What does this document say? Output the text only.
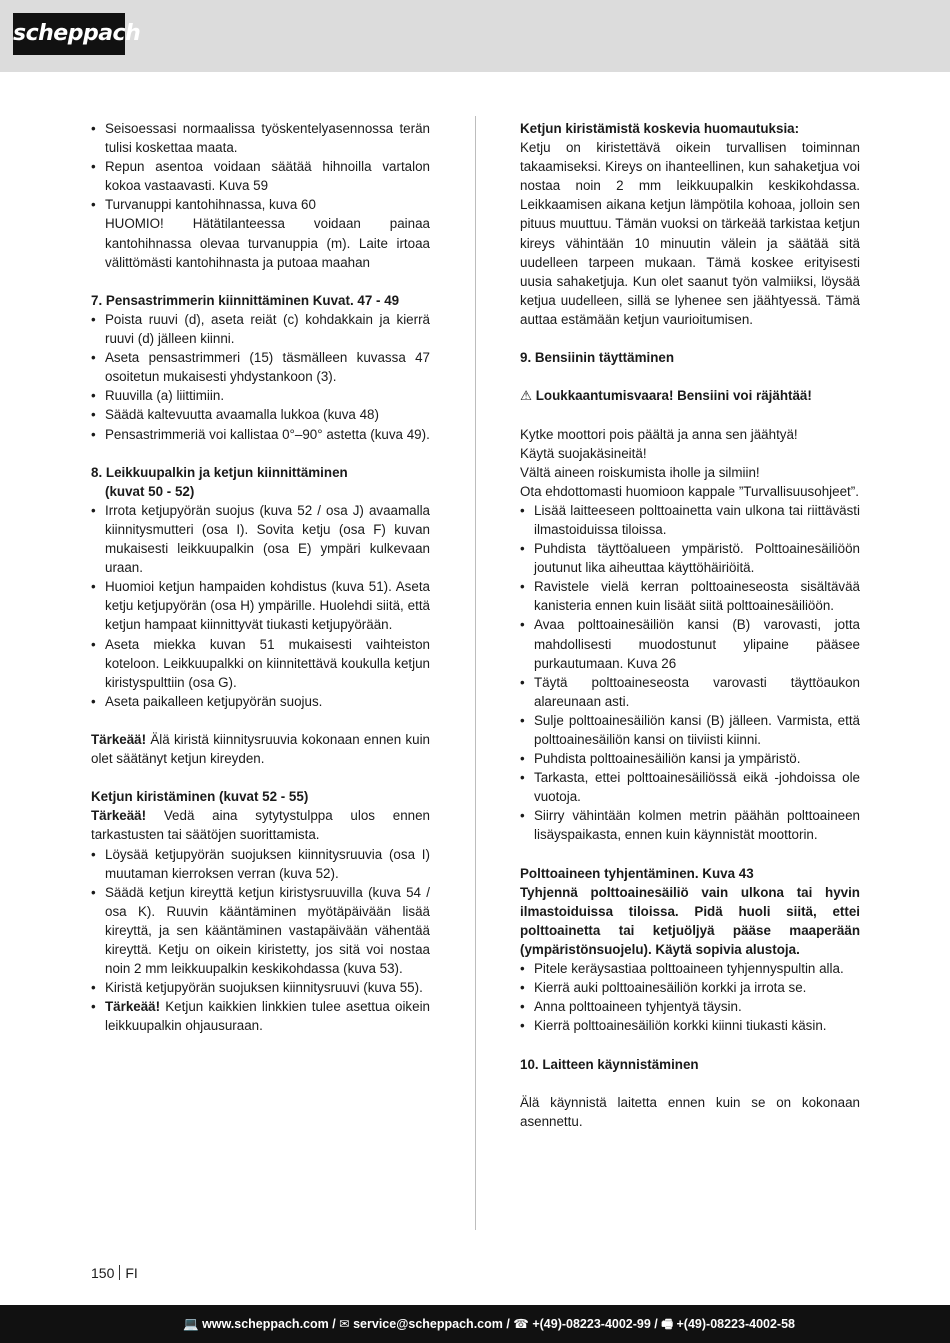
scheppach
• Seisoessasi normaalissa työskentelyasennossa terän tulisi koskettaa maata.
• Repun asentoa voidaan säätää hihnoilla vartalon kokoa vastaavasti. Kuva 59
• Turvanuppi kantohihnassa, kuva 60
HUOMIO! Hätätilanteessa voidaan painaa kantohihnassa olevaa turvanuppia (m). Laite irtoaa välittömästi kantohihnasta ja putoaa maahan

7. Pensastrimmerin kiinnittäminen Kuvat. 47 - 49

• Poista ruuvi (d), aseta reiät (c) kohdakkain ja kierrä ruuvi (d) jälleen kiinni.
• Aseta pensastrimmeri (15) täsmälleen kuvassa 47 osoitetun mukaisesti yhdystankoon (3).
• Ruuvilla (a) liittimiin.
• Säädä kaltevuutta avaamalla lukkoa (kuva 48)
• Pensastrimmeriä voi kallistaa 0°–90° astetta (kuva 49).

8. Leikkuupalkin ja ketjun kiinnittäminen

(kuvat 50 - 52)

• Irrota ketjupyörän suojus (kuva 52 / osa J) avaamalla kiinnitysmutteri (osa I). Sovita ketju (osa F) kuvan mukaisesti leikkuupalkin (osa E) ympäri kulkevaan uraan.
• Huomioi ketjun hampaiden kohdistus (kuva 51). Aseta ketju ketjupyörän (osa H) ympärille. Huolehdi siitä, että ketjun hampaat kiinnittyvät tiukasti ketjupyörään.
• Aseta miekka kuvan 51 mukaisesti vaihteiston koteloon. Leikkuupalkki on kiinnitettävä koukulla ketjun kiristyspulttiin (osa G).
• Aseta paikalleen ketjupyörän suojus.

Tärkeää! Älä kiristä kiinnitysruuvia kokonaan ennen kuin olet säätänyt ketjun kireyden.

Ketjun kiristäminen (kuvat 52 - 55)

Tärkeää! Vedä aina sytytystulppa ulos ennen tarkastusten tai säätöjen suorittamista.

• Löysää ketjupyörän suojuksen kiinnitysruuvia (osa I) muutaman kierroksen verran (kuva 52).
• Säädä ketjun kireyttä ketjun kiristysruuvilla (kuva 54 / osa K). Ruuvin kääntäminen myötäpäivään lisää kireyttä, ja sen kääntäminen vastapäivään vähentää kireyttä. Ketju on oikein kiristetty, jos sitä voi nostaa noin 2 mm leikkuupalkin keskikohdassa (kuva 53).
• Kiristä ketjupyörän suojuksen kiinnitysruuvi (kuva 55).
• Tärkeää! Ketjun kaikkien linkkien tulee asettua oikein leikkuupalkin ohjausuraan.

Ketjun kiristämistä koskevia huomautuksia:

Ketju on kiristettävä oikein turvallisen toiminnan takaamiseksi. Kireys on ihanteellinen, kun sahaketjua voi nostaa noin 2 mm leikkuupalkin keskikohdassa. Leikkaamisen aikana ketjun lämpötila kohoaa, jolloin sen pituus muuttuu. Tämän vuoksi on tärkeää tarkistaa ketjun kireys vähintään 10 minuutin välein ja säätää sitä uudelleen tarpeen mukaan. Tämä koskee erityisesti uusia sahaketjuja. Kun olet saanut työn valmiiksi, löysää ketjua uudelleen, sillä se lyhenee sen jäähtyessä. Tämä auttaa estämään ketjun vaurioitumisen.

9. Bensiinin täyttäminen

⚠ Loukkaantumisvaara! Bensiini voi räjähtää!

Kytke moottori pois päältä ja anna sen jäähtyä!

Käytä suojakäsineitä!

Vältä aineen roiskumista iholle ja silmiin!

Ota ehdottomasti huomioon kappale ”Turvallisuusohjeet”.

• Lisää laitteeseen polttoainetta vain ulkona tai riittävästi ilmastoiduissa tiloissa.
• Puhdista täyttöalueen ympäristö. Polttoainesäiliöön joutunut lika aiheuttaa käyttöhäiriöitä.
• Ravistele vielä kerran polttoaineseosta sisältävää kanisteria ennen kuin lisäät siitä polttoainesäiliöön.
• Avaa polttoainesäiliön kansi (B) varovasti, jotta mahdollisesti muodostunut ylipaine pääsee purkautumaan. Kuva 26
• Täytä polttoaineseosta varovasti täyttöaukon alareunaan asti.
• Sulje polttoainesäiliön kansi (B) jälleen. Varmista, että polttoainesäiliön kansi on tiiviisti kiinni.
• Puhdista polttoainesäiliön kansi ja ympäristö.
• Tarkasta, ettei polttoainesäiliössä eikä -johdoissa ole vuotoja.
• Siirry vähintään kolmen metrin päähän polttoaineen lisäyspaikasta, ennen kuin käynnistät moottorin.

Polttoaineen tyhjentäminen. Kuva 43

Tyhjennä polttoainesäiliö vain ulkona tai hyvin ilmastoiduissa tiloissa. Pidä huoli siitä, ettei polttoainetta tai ketjuöljyä pääse maaperään (ympäristönsuojelu). Käytä sopivia alustoja.

• Pitele keräysastiaa polttoaineen tyhjennyspultin alla.
• Kierrä auki polttoainesäiliön korkki ja irrota se.
• Anna polttoaineen tyhjentyä täysin.
• Kierrä polttoainesäiliön korkki kiinni tiukasti käsin.

10. Laitteen käynnistäminen

Älä käynnistä laitetta ennen kuin se on kokonaan asennettu.

150 FI
💻 www.scheppach.com / ✉ service@scheppach.com / ☎ +(49)-08223-4002-99 / 🖷 +(49)-08223-4002-58
